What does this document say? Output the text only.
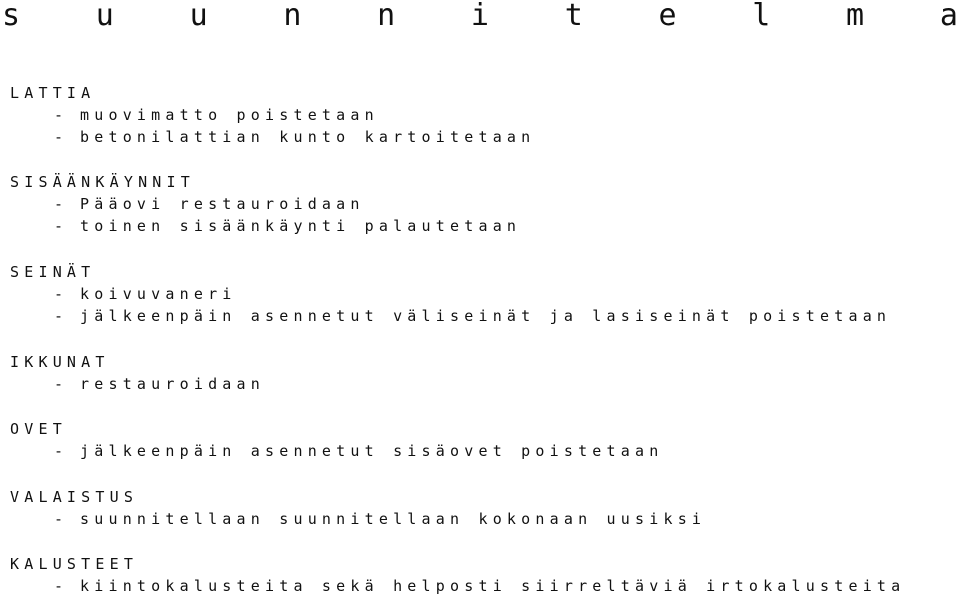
s	u	u	n	n	i	t	e	l	m	a
LATTIA
- muovimatto poistetaan
- betonilattian kunto kartoitetaan
SISÄÄNKÄYNNIT
- Pääovi restauroidaan
- toinen sisäänkäynti palautetaan
SEINÄT
- koivuvaneri
- jälkeenpäin asennetut väliseinät ja lasiseinät poistetaan
IKKUNAT
- restauroidaan
OVET
- jälkeenpäin asennetut sisäovet poistetaan
VALAISTUS
- suunnitellaan suunnitellaan kokonaan uusiksi
KALUSTEET
- kiintokalusteita sekä helposti siirreltäviä irtokalusteita
